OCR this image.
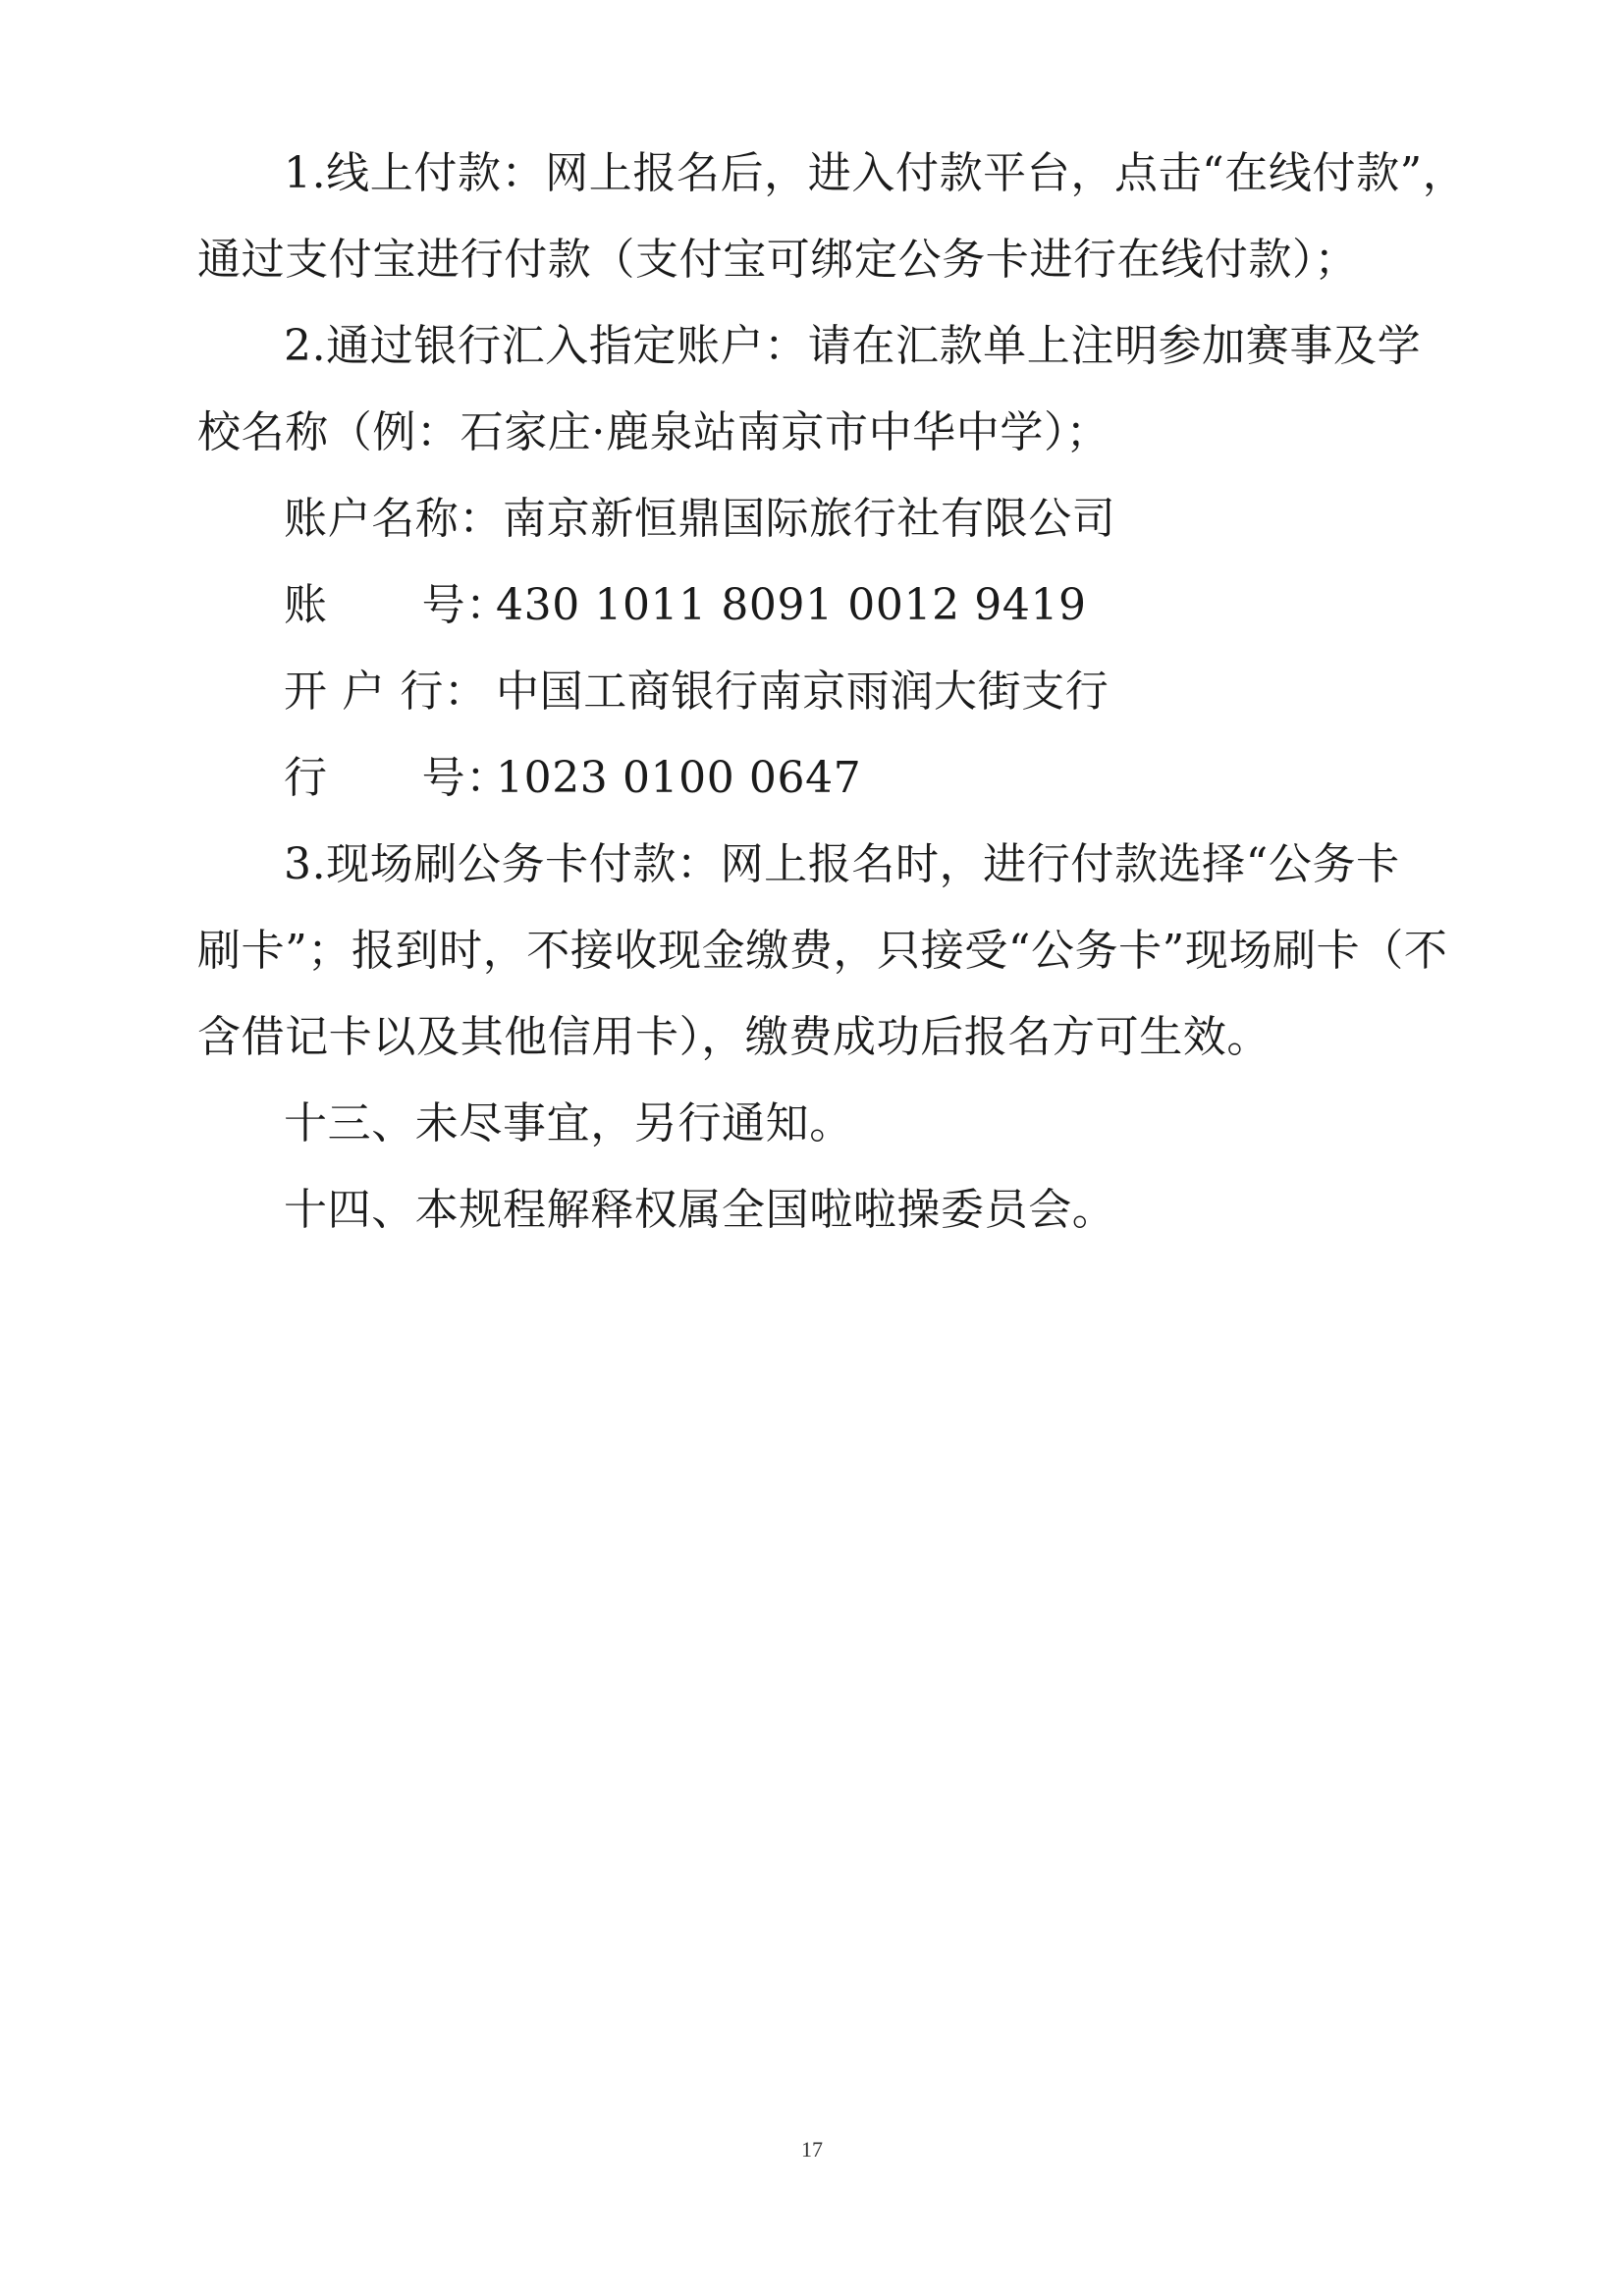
1.线上付款：网上报名后，进入付款平台，点击“在线付款”，
通过支付宝进行付款（支付宝可绑定公务卡进行在线付款）；
2.通过银行汇入指定账户：请在汇款单上注明参加赛事及学
校名称（例：石家庄·鹿泉站南京市中华中学）；
账户名称：南京新恒鼎国际旅行社有限公司
账 号：430 1011 8091 0012 9419
开 户 行： 中国工商银行南京雨润大街支行
行 号：1023 0100 0647
3.现场刷公务卡付款：网上报名时，进行付款选择“公务卡
刷卡”；报到时，不接收现金缴费，只接受“公务卡”现场刷卡（不
含借记卡以及其他信用卡），缴费成功后报名方可生效。
十三、未尽事宜，另行通知。
十四、本规程解释权属全国啦啦操委员会。
17
